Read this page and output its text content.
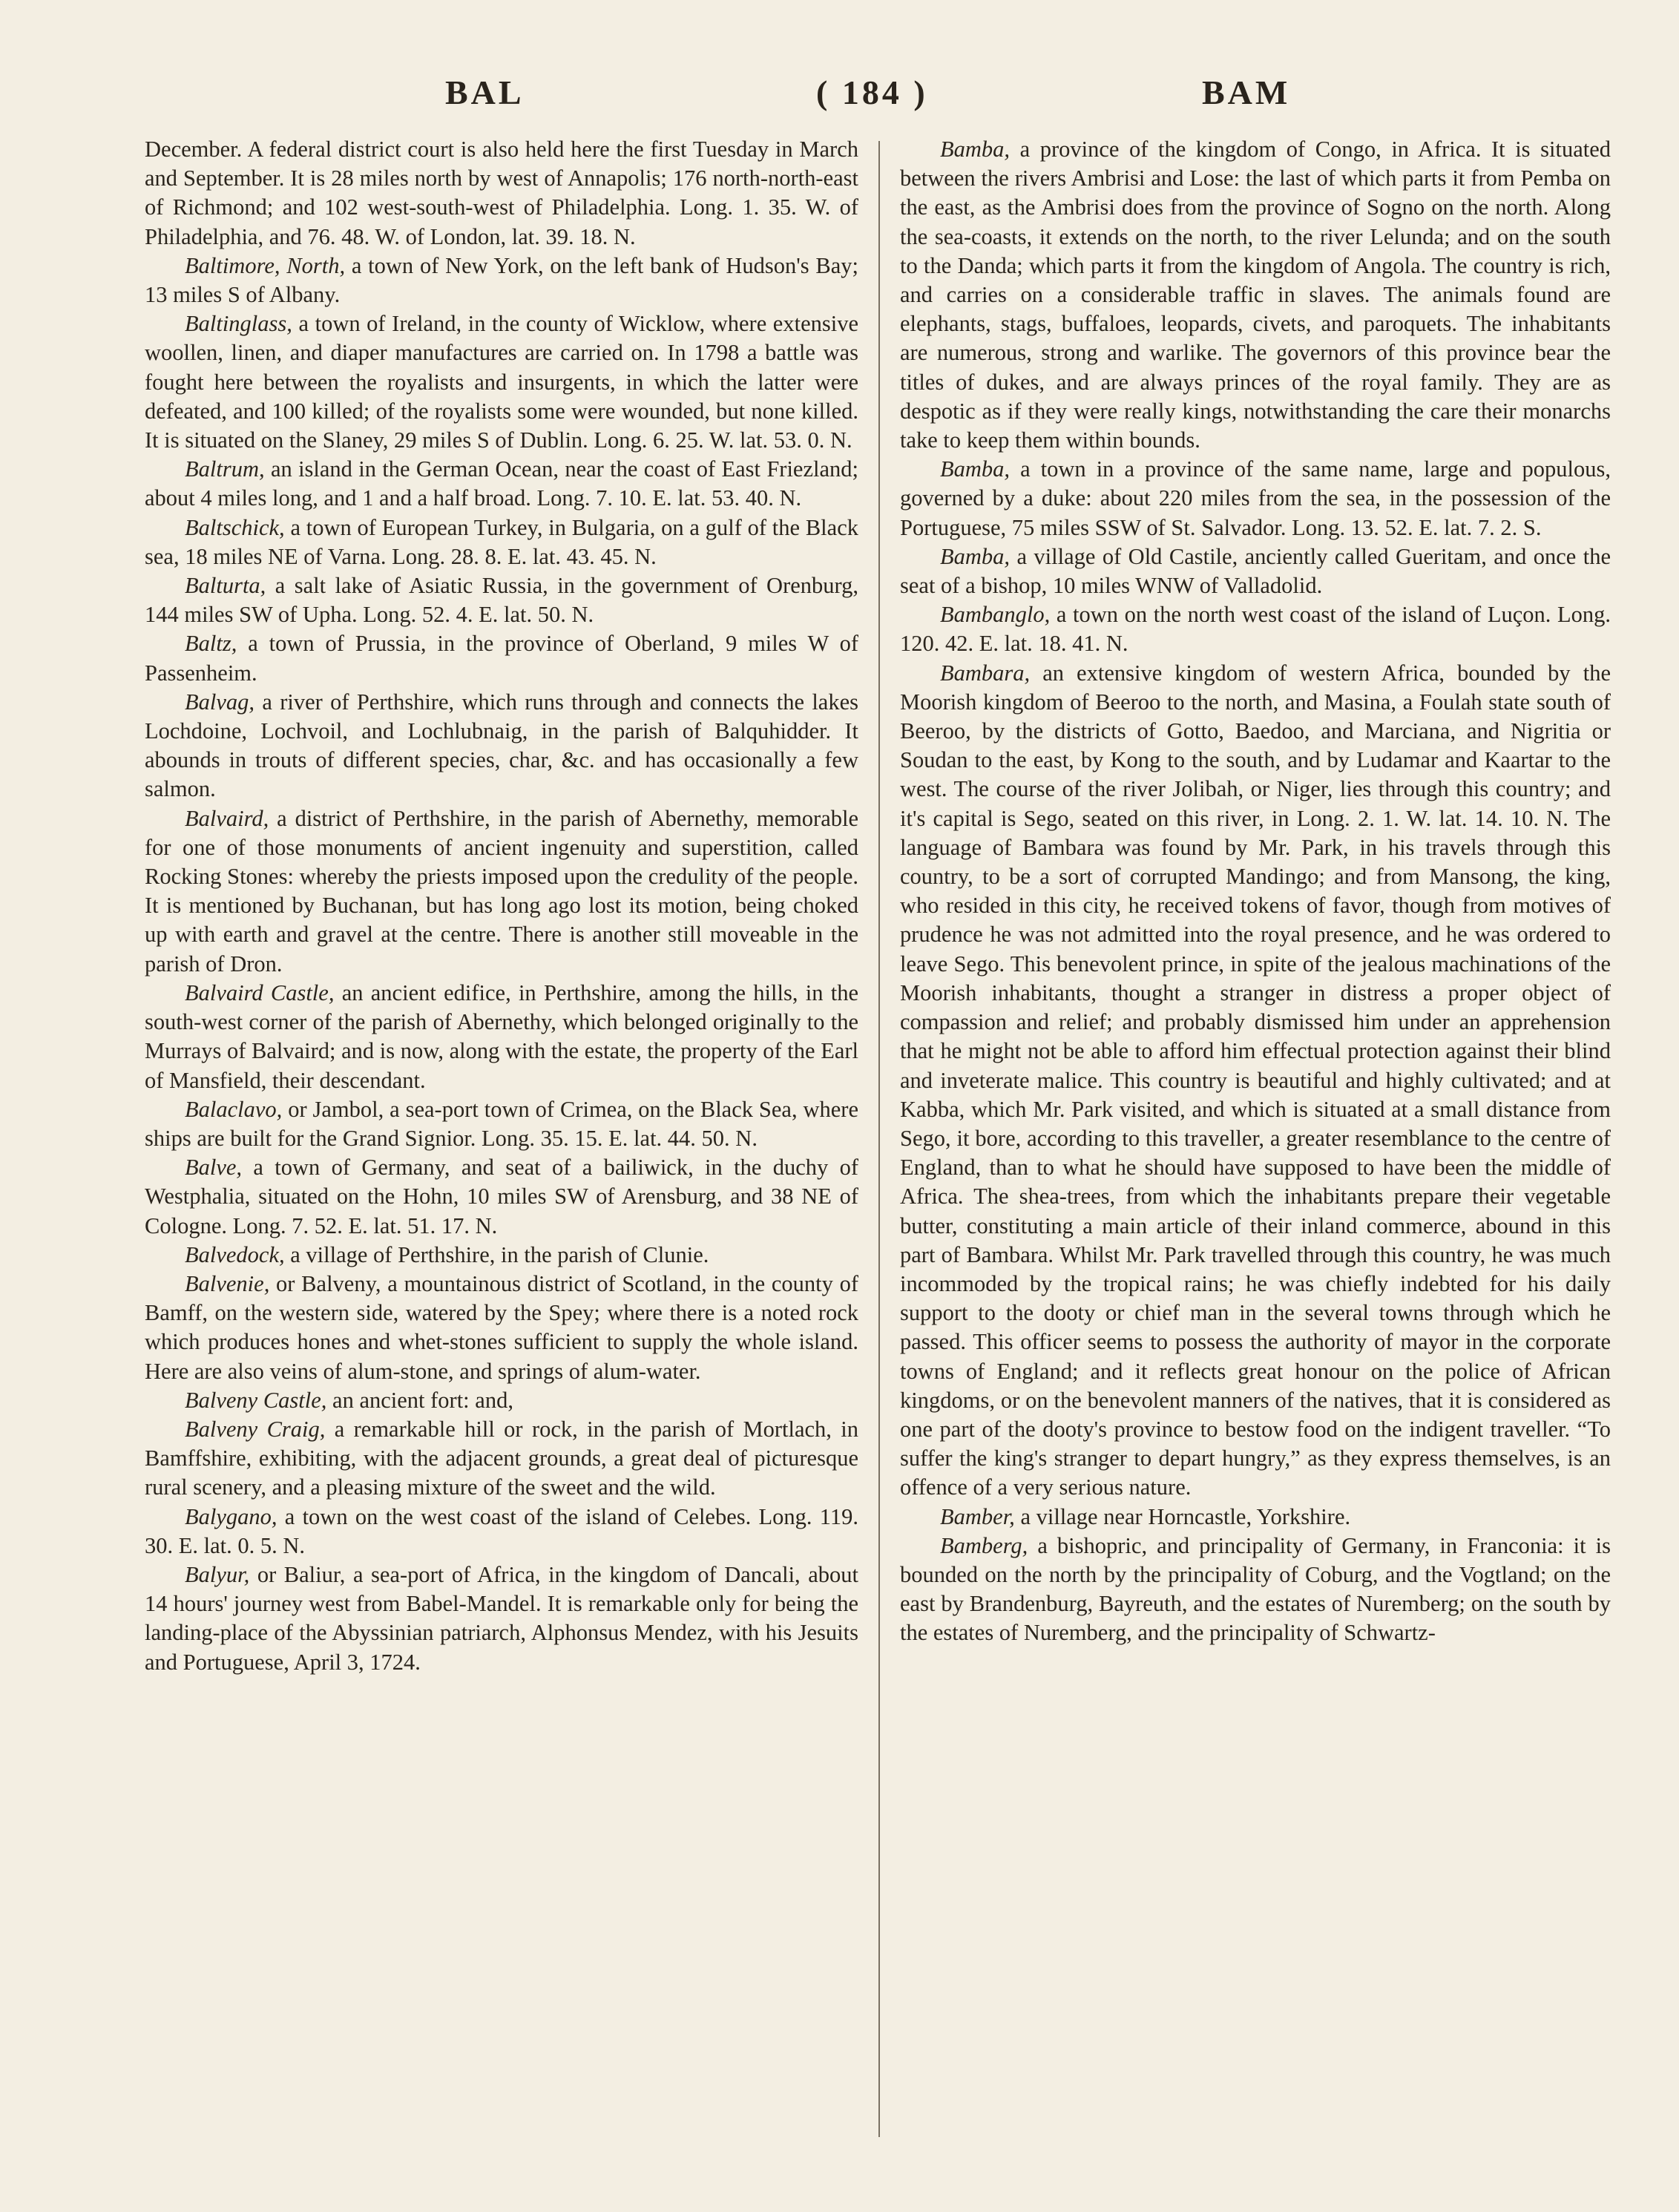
BAL	( 184 )	BAM

December. A federal district court is also held here the first Tuesday in March and September. It is 28 miles north by west of Annapolis; 176 north-north-east of Richmond; and 102 west-south-west of Philadelphia. Long. 1. 35. W. of Philadelphia, and 76. 48. W. of London, lat. 39. 18. N.

Baltimore, North, a town of New York, on the left bank of Hudson's Bay; 13 miles S of Albany.

Baltinglass, a town of Ireland, in the county of Wicklow, where extensive woollen, linen, and diaper manufactures are carried on. In 1798 a battle was fought here between the royalists and insurgents, in which the latter were defeated, and 100 killed; of the royalists some were wounded, but none killed. It is situated on the Slaney, 29 miles S of Dublin. Long. 6. 25. W. lat. 53. 0. N.

Baltrum, an island in the German Ocean, near the coast of East Friezland; about 4 miles long, and 1 and a half broad. Long. 7. 10. E. lat. 53. 40. N.

Baltschick, a town of European Turkey, in Bulgaria, on a gulf of the Black sea, 18 miles NE of Varna. Long. 28. 8. E. lat. 43. 45. N.

Balturta, a salt lake of Asiatic Russia, in the government of Orenburg, 144 miles SW of Upha. Long. 52. 4. E. lat. 50. N.

Baltz, a town of Prussia, in the province of Oberland, 9 miles W of Passenheim.

Balvag, a river of Perthshire, which runs through and connects the lakes Lochdoine, Lochvoil, and Lochlubnaig, in the parish of Balquhidder. It abounds in trouts of different species, char, &c. and has occasionally a few salmon.

Balvaird, a district of Perthshire, in the parish of Abernethy, memorable for one of those monuments of ancient ingenuity and superstition, called Rocking Stones: whereby the priests imposed upon the credulity of the people. It is mentioned by Buchanan, but has long ago lost its motion, being choked up with earth and gravel at the centre. There is another still moveable in the parish of Dron.

Balvaird Castle, an ancient edifice, in Perthshire, among the hills, in the south-west corner of the parish of Abernethy, which belonged originally to the Murrays of Balvaird; and is now, along with the estate, the property of the Earl of Mansfield, their descendant.

Balaclavo, or Jambol, a sea-port town of Crimea, on the Black Sea, where ships are built for the Grand Signior. Long. 35. 15. E. lat. 44. 50. N.

Balve, a town of Germany, and seat of a bailiwick, in the duchy of Westphalia, situated on the Hohn, 10 miles SW of Arensburg, and 38 NE of Cologne. Long. 7. 52. E. lat. 51. 17. N.

Balvedock, a village of Perthshire, in the parish of Clunie.

Balvenie, or Balveny, a mountainous district of Scotland, in the county of Bamff, on the western side, watered by the Spey; where there is a noted rock which produces hones and whet-stones sufficient to supply the whole island. Here are also veins of alum-stone, and springs of alum-water.

Balveny Castle, an ancient fort: and,

Balveny Craig, a remarkable hill or rock, in the parish of Mortlach, in Bamffshire, exhibiting, with the adjacent grounds, a great deal of picturesque rural scenery, and a pleasing mixture of the sweet and the wild.

Balygano, a town on the west coast of the island of Celebes. Long. 119. 30. E. lat. 0. 5. N.

Balyur, or Baliur, a sea-port of Africa, in the kingdom of Dancali, about 14 hours' journey west from Babel-Mandel. It is remarkable only for being the landing-place of the Abyssinian patriarch, Alphonsus Mendez, with his Jesuits and Portuguese, April 3, 1724.

Bamba, a province of the kingdom of Congo, in Africa. It is situated between the rivers Ambrisi and Lose: the last of which parts it from Pemba on the east, as the Ambrisi does from the province of Sogno on the north. Along the sea-coasts, it extends on the north, to the river Lelunda; and on the south to the Danda; which parts it from the kingdom of Angola. The country is rich, and carries on a considerable traffic in slaves. The animals found are elephants, stags, buffaloes, leopards, civets, and paroquets. The inhabitants are numerous, strong and warlike. The governors of this province bear the titles of dukes, and are always princes of the royal family. They are as despotic as if they were really kings, notwithstanding the care their monarchs take to keep them within bounds.

Bamba, a town in a province of the same name, large and populous, governed by a duke: about 220 miles from the sea, in the possession of the Portuguese, 75 miles SSW of St. Salvador. Long. 13. 52. E. lat. 7. 2. S.

Bamba, a village of Old Castile, anciently called Gueritam, and once the seat of a bishop, 10 miles WNW of Valladolid.

Bambanglo, a town on the north west coast of the island of Luçon. Long. 120. 42. E. lat. 18. 41. N.

Bambara, an extensive kingdom of western Africa, bounded by the Moorish kingdom of Beeroo to the north, and Masina, a Foulah state south of Beeroo, by the districts of Gotto, Baedoo, and Marciana, and Nigritia or Soudan to the east, by Kong to the south, and by Ludamar and Kaartar to the west. The course of the river Jolibah, or Niger, lies through this country; and it's capital is Sego, seated on this river, in Long. 2. 1. W. lat. 14. 10. N. The language of Bambara was found by Mr. Park, in his travels through this country, to be a sort of corrupted Mandingo; and from Mansong, the king, who resided in this city, he received tokens of favor, though from motives of prudence he was not admitted into the royal presence, and he was ordered to leave Sego. This benevolent prince, in spite of the jealous machinations of the Moorish inhabitants, thought a stranger in distress a proper object of compassion and relief; and probably dismissed him under an apprehension that he might not be able to afford him effectual protection against their blind and inveterate malice. This country is beautiful and highly cultivated; and at Kabba, which Mr. Park visited, and which is situated at a small distance from Sego, it bore, according to this traveller, a greater resemblance to the centre of England, than to what he should have supposed to have been the middle of Africa. The shea-trees, from which the inhabitants prepare their vegetable butter, constituting a main article of their inland commerce, abound in this part of Bambara. Whilst Mr. Park travelled through this country, he was much incommoded by the tropical rains; he was chiefly indebted for his daily support to the dooty or chief man in the several towns through which he passed. This officer seems to possess the authority of mayor in the corporate towns of England; and it reflects great honour on the police of African kingdoms, or on the benevolent manners of the natives, that it is considered as one part of the dooty's province to bestow food on the indigent traveller. “To suffer the king's stranger to depart hungry,” as they express themselves, is an offence of a very serious nature.

Bamber, a village near Horncastle, Yorkshire.

Bamberg, a bishopric, and principality of Germany, in Franconia: it is bounded on the north by the principality of Coburg, and the Vogtland; on the east by Brandenburg, Bayreuth, and the estates of Nuremberg; on the south by the estates of Nuremberg, and the principality of Schwartz-
